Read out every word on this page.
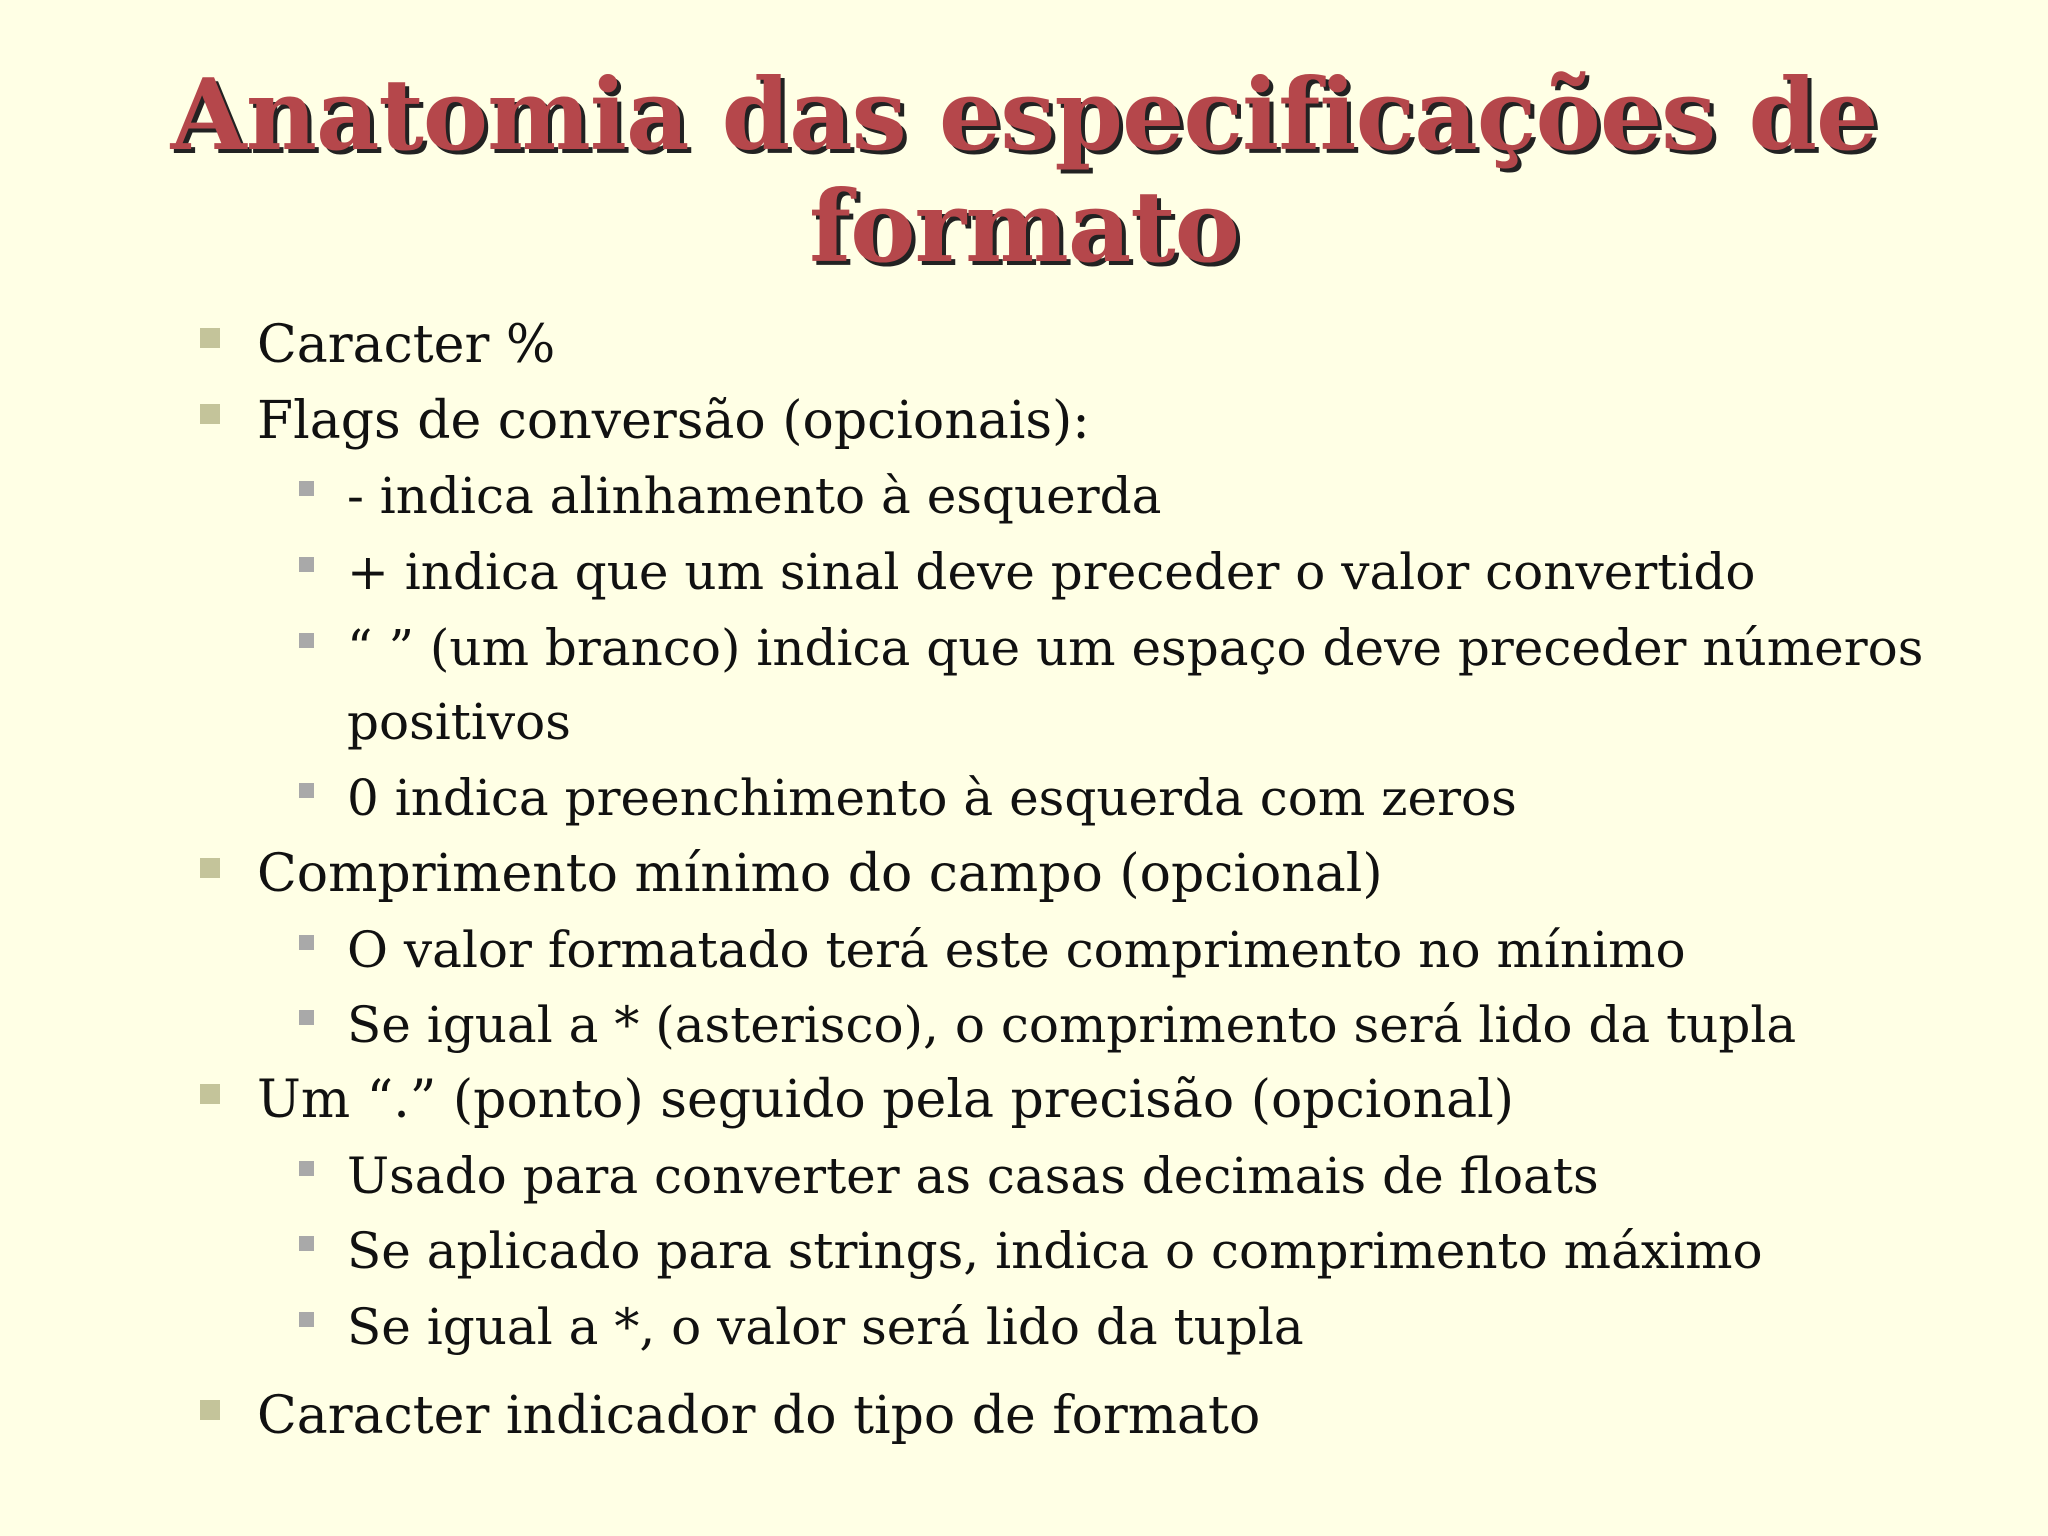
Anatomia das especificações de
formato
Caracter %
Flags de conversão (opcionais):
- indica alinhamento à esquerda
+ indica que um sinal deve preceder o valor convertido
“ ” (um branco) indica que um espaço deve preceder números
positivos
0 indica preenchimento à esquerda com zeros
Comprimento mínimo do campo (opcional)
O valor formatado terá este comprimento no mínimo
Se igual a * (asterisco), o comprimento será lido da tupla
Um “.” (ponto) seguido pela precisão (opcional)
Usado para converter as casas decimais de floats
Se aplicado para strings, indica o comprimento máximo
Se igual a *, o valor será lido da tupla
Caracter indicador do tipo de formato
